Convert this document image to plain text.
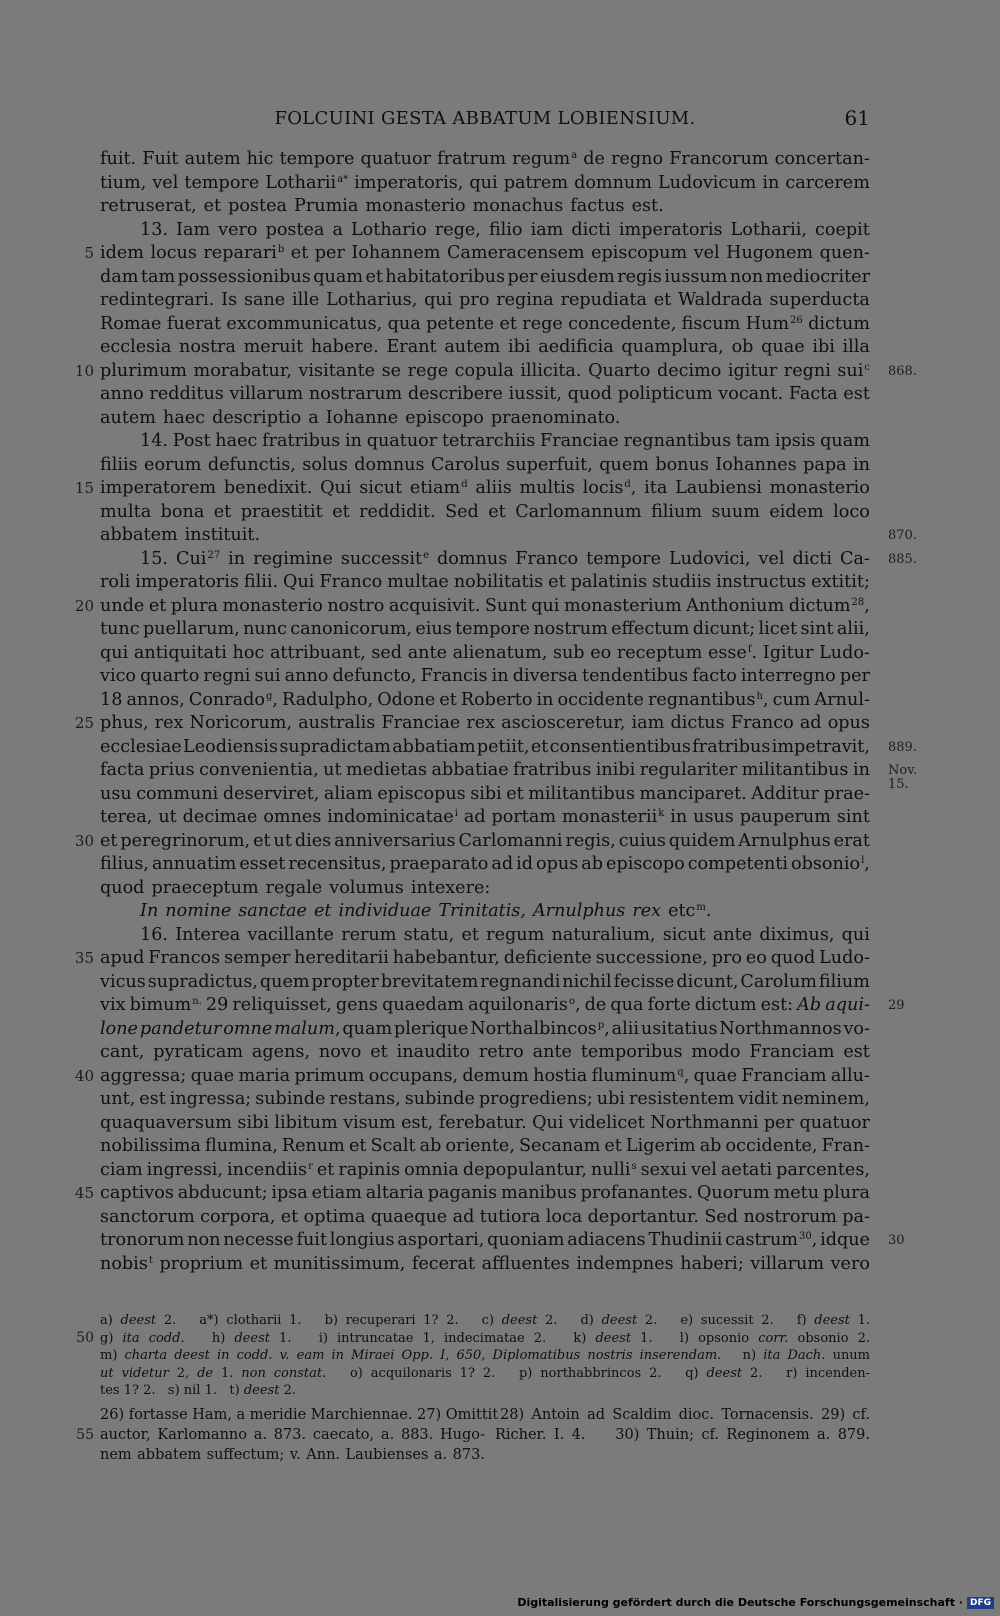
FOLCUINI GESTA ABBATUM LOBIENSIUM.	61
fuit. Fuit autem hic tempore quatuor fratrum regum$^a$ de regno Francorum concertan-
tium, vel tempore Lotharii$^{a*}$ imperatoris, qui patrem domnum Ludovicum in carcerem
retruserat, et postea Prumia monasterio monachus factus est.
13. Iam vero postea a Lothario rege, filio iam dicti imperatoris Lotharii, coepit
idem locus reparari$^b$ et per Iohannem Cameracensem episcopum vel Hugonem quen-
5
dam tam possessionibus quam et habitatoribus per eiusdem regis iussum non mediocriter
redintegrari. Is sane ille Lotharius, qui pro regina repudiata et Waldrada superducta
Romae fuerat excommunicatus, qua petente et rege concedente, fiscum Hum$^{26}$ dictum
ecclesia nostra meruit habere. Erant autem ibi aedificia quamplura, ob quae ibi illa
plurimum morabatur, visitante se rege copula illicita. Quarto decimo igitur regni sui$^c$
10	868.
anno redditus villarum nostrarum describere iussit, quod polipticum vocant. Facta est
autem haec descriptio a Iohanne episcopo praenominato.
14. Post haec fratribus in quatuor tetrarchiis Franciae regnantibus tam ipsis quam
filiis eorum defunctis, solus domnus Carolus superfuit, quem bonus Iohannes papa in
imperatorem benedixit. Qui sicut etiam$^d$ aliis multis locis$^d$, ita Laubiensi monasterio
15
multa bona et praestitit et reddidit. Sed et Carlomannum filium suum eidem loco
abbatem instituit.	870.
15. Cui$^{27}$ in regimine successit$^e$ domnus Franco tempore Ludovici, vel dicti Ca- 885.
roli imperatoris filii. Qui Franco multae nobilitatis et palatinis studiis instructus extitit;
unde et plura monasterio nostro acquisivit. Sunt qui monasterium Anthonium dictum$^{28}$,
20
tunc puellarum, nunc canonicorum, eius tempore nostrum effectum dicunt; licet sint alii,
qui antiquitati hoc attribuant, sed ante alienatum, sub eo receptum esse$^f$. Igitur Ludo-
vico quarto regni sui anno defuncto, Francis in diversa tendentibus facto interregno per
18 annos, Conrado$^g$, Radulpho, Odone et Roberto in occidente regnantibus$^h$, cum Arnul-
phus, rex Noricorum, australis Franciae rex asciosceretur, iam dictus Franco ad opus
25
ecclesiae Leodiensis supradictam abbatiam petiit, et consentientibus fratribus impetravit, 889.
facta prius convenientia, ut medietas abbatiae fratribus inibi regulariter militantibus in Nov.
15.
usu communi deserviret, aliam episcopus sibi et militantibus manciparet. Additur prae-
terea, ut decimae omnes indominicatae$^i$ ad portam monasterii$^k$ in usus pauperum sint
et peregrinorum, et ut dies anniversarius Carlomanni regis, cuius quidem Arnulphus erat
30
filius, annuatim esset recensitus, praeparato ad id opus ab episcopo competenti obsonio$^l$,
quod praeceptum regale volumus intexere:
In nomine sanctae et individuae Trinitatis, Arnulphus rex etc$^m$.
16. Interea vacillante rerum statu, et regum naturalium, sicut ante diximus, qui
apud Francos semper hereditarii habebantur, deficiente successione, pro eo quod Ludo-
35
vicus supradictus, quem propter brevitatem regnandi nichil fecisse dicunt, Carolum filium
vix bimum$^{n.}$ 29 reliquisset, gens quaedam aquilonaris$^o$, de qua forte dictum est: Ab aqui- 29
lone pandetur omne malum, quam plerique Northalbincos$^p$, alii usitatius Northmannos vo-
cant, pyraticam agens, novo et inaudito retro ante temporibus modo Franciam est
aggressa; quae maria primum occupans, demum hostia fluminum$^q$, quae Franciam allu-
40
unt, est ingressa; subinde restans, subinde progrediens; ubi resistentem vidit neminem,
quaquaversum sibi libitum visum est, ferebatur. Qui videlicet Northmanni per quatuor
nobilissima flumina, Renum et Scalt ab oriente, Secanam et Ligerim ab occidente, Fran-
ciam ingressi, incendiis$^r$ et rapinis omnia depopulantur, nulli$^s$ sexui vel aetati parcentes,
captivos abducunt; ipsa etiam altaria paganis manibus profanantes. Quorum metu plura
45
sanctorum corpora, et optima quaeque ad tutiora loca deportantur. Sed nostrorum pa-
tronorum non necesse fuit longius asportari, quoniam adiacens Thudinii castrum$^{30}$, idque 30
nobis$^t$ proprium et munitissimum, fecerat affluentes indempnes haberi; villarum vero
a) deest 2.   a*) clotharii 1.   b) recuperari 1? 2.   c) deest 2.   d) deest 2.   e) sucessit 2.   f) deest 1.
g) ita codd.   h) deest 1.   i) intruncatae 1, indecimatae 2.   k) deest 1.   l) opsonio corr. obsonio 2.
50
m) charta deest in codd. v. eam in Miraei Opp. I, 650, Diplomatibus nostris inserendam.   n) ita Dach. unum
ut videtur 2, de 1. non constat.   o) acquilonaris 1? 2.   p) northabbrincos 2.   q) deest 2.   r) incenden-
tes 1? 2.   s) nil 1.   t) deest 2.
26) fortasse Ham, a meridie Marchiennae. 27) Omittit 28) Antoin ad Scaldim dioc. Tornacensis. 29) cf.
auctor, Karlomanno a. 873. caecato, a. 883. Hugo- Richer. I. 4.    30) Thuin; cf. Reginonem a. 879.
55
nem abbatem suffectum; v. Ann. Laubienses a. 873.
Digitalisierung gefördert durch die Deutsche Forschungsgemeinschaft · DFG
